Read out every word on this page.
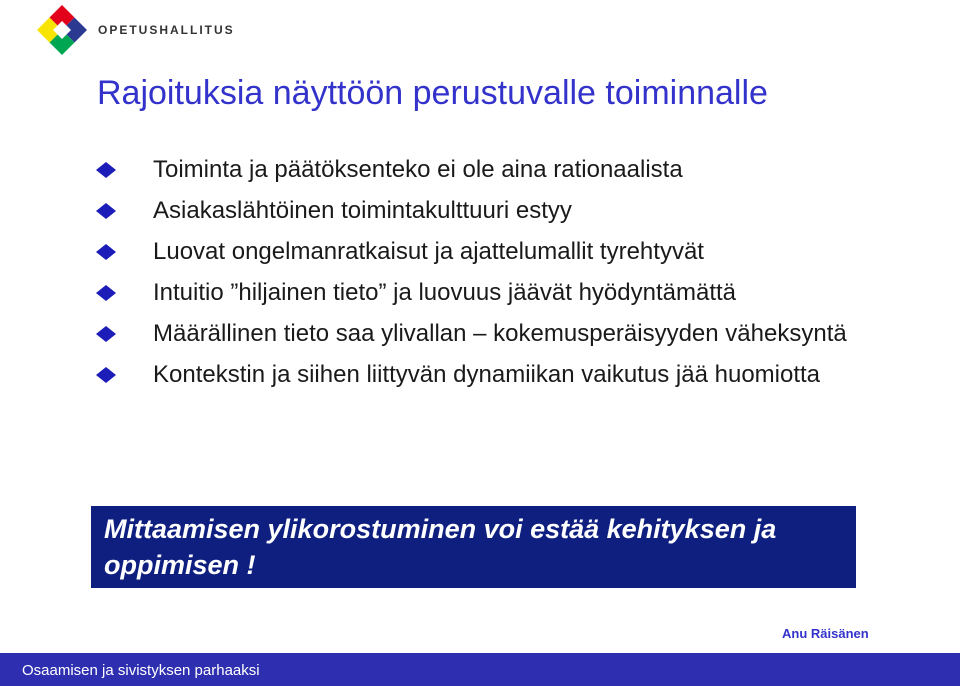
OPETUSHALLITUS
Rajoituksia näyttöön perustuvalle toiminnalle
Toiminta ja päätöksenteko ei ole aina rationaalista
Asiakaslähtöinen toimintakulttuuri estyy
Luovat ongelmanratkaisut ja ajattelumallit tyrehtyvät
Intuitio ”hiljainen tieto” ja luovuus jäävät hyödyntämättä
Määrällinen tieto saa ylivallan – kokemusperäisyyden väheksyntä
Kontekstin ja siihen liittyvän dynamiikan vaikutus jää huomiotta
Mittaamisen ylikorostuminen voi estää kehityksen ja oppimisen !
Anu Räisänen
Osaamisen ja sivistyksen parhaaksi
